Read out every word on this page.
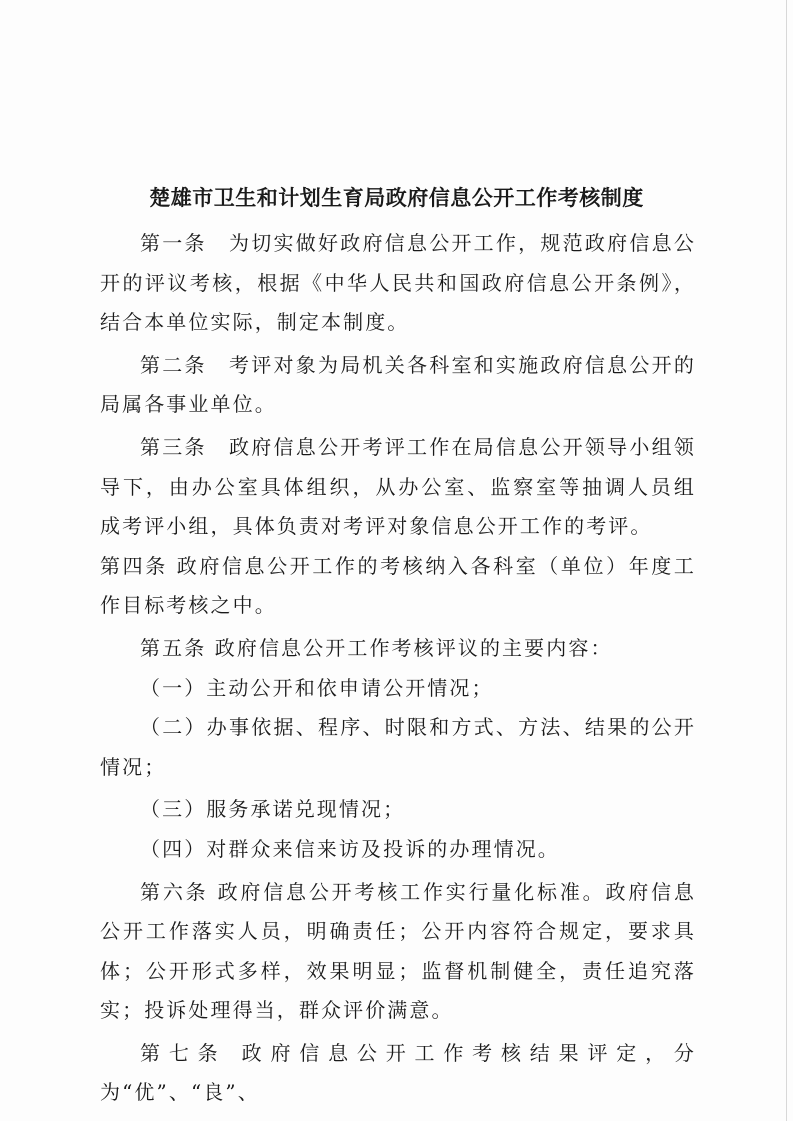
楚雄市卫生和计划生育局政府信息公开工作考核制度

第一条　为切实做好政府信息公开工作，规范政府信息公开的评议考核，根据《中华人民共和国政府信息公开条例》，结合本单位实际，制定本制度。

第二条　考评对象为局机关各科室和实施政府信息公开的局属各事业单位。

第三条　政府信息公开考评工作在局信息公开领导小组领导下，由办公室具体组织，从办公室、监察室等抽调人员组成考评小组，具体负责对考评对象信息公开工作的考评。

第四条 政府信息公开工作的考核纳入各科室（单位）年度工作目标考核之中。

第五条 政府信息公开工作考核评议的主要内容：

（一）主动公开和依申请公开情况；

（二）办事依据、程序、时限和方式、方法、结果的公开情况；

（三）服务承诺兑现情况；

（四）对群众来信来访及投诉的办理情况。

第六条 政府信息公开考核工作实行量化标准。政府信息公开工作落实人员，明确责任；公开内容符合规定，要求具体；公开形式多样，效果明显；监督机制健全，责任追究落实；投诉处理得当，群众评价满意。

第七条 政府信息公开工作考核结果评定，分为“优”、“良”、
